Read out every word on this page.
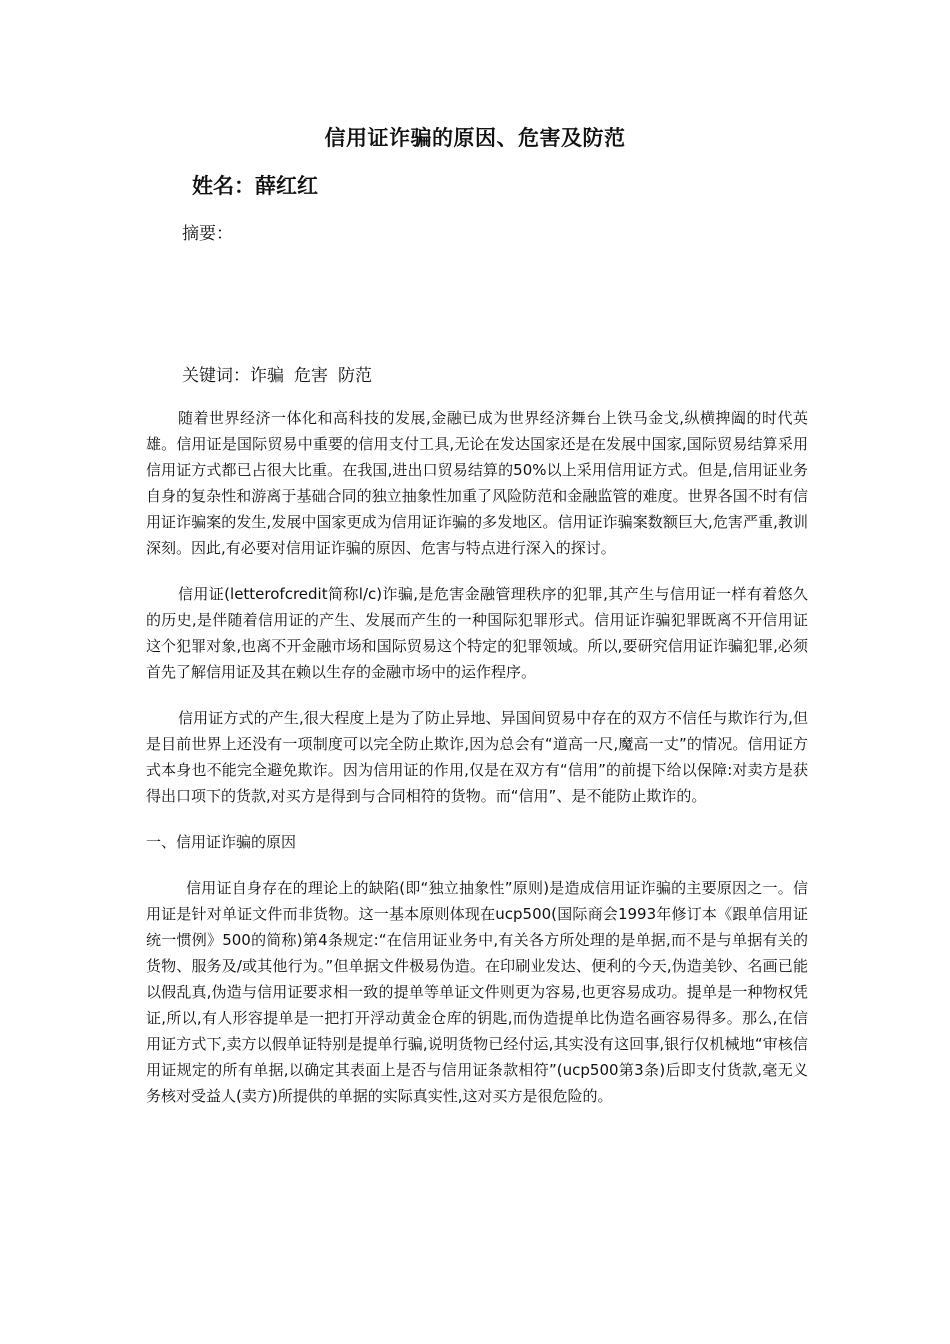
信用证诈骗的原因、危害及防范
姓名：薛红红
摘要：
关键词：诈骗 危害 防范

随着世界经济一体化和高科技的发展,金融已成为世界经济舞台上铁马金戈,纵横捭阖的时代英雄。信用证是国际贸易中重要的信用支付工具,无论在发达国家还是在发展中国家,国际贸易结算采用信用证方式都已占很大比重。在我国,进出口贸易结算的50%以上采用信用证方式。但是,信用证业务自身的复杂性和游离于基础合同的独立抽象性加重了风险防范和金融监管的难度。世界各国不时有信用证诈骗案的发生,发展中国家更成为信用证诈骗的多发地区。信用证诈骗案数额巨大,危害严重,教训深刻。因此,有必要对信用证诈骗的原因、危害与特点进行深入的探讨。

信用证(letterofcredit简称l/c)诈骗,是危害金融管理秩序的犯罪,其产生与信用证一样有着悠久的历史,是伴随着信用证的产生、发展而产生的一种国际犯罪形式。信用证诈骗犯罪既离不开信用证这个犯罪对象,也离不开金融市场和国际贸易这个特定的犯罪领域。所以,要研究信用证诈骗犯罪,必须首先了解信用证及其在赖以生存的金融市场中的运作程序。

信用证方式的产生,很大程度上是为了防止异地、异国间贸易中存在的双方不信任与欺诈行为,但是目前世界上还没有一项制度可以完全防止欺诈,因为总会有“道高一尺,魔高一丈”的情况。信用证方式本身也不能完全避免欺诈。因为信用证的作用,仅是在双方有“信用”的前提下给以保障:对卖方是获得出口项下的货款,对买方是得到与合同相符的货物。而“信用”、是不能防止欺诈的。

一、信用证诈骗的原因

信用证自身存在的理论上的缺陷(即“独立抽象性”原则)是造成信用证诈骗的主要原因之一。信用证是针对单证文件而非货物。这一基本原则体现在ucp500(国际商会1993年修订本《跟单信用证统一惯例》500的简称)第4条规定:“在信用证业务中,有关各方所处理的是单据,而不是与单据有关的货物、服务及/或其他行为。”但单据文件极易伪造。在印刷业发达、便利的今天,伪造美钞、名画已能以假乱真,伪造与信用证要求相一致的提单等单证文件则更为容易,也更容易成功。提单是一种物权凭证,所以,有人形容提单是一把打开浮动黄金仓库的钥匙,而伪造提单比伪造名画容易得多。那么,在信用证方式下,卖方以假单证特别是提单行骗,说明货物已经付运,其实没有这回事,银行仅机械地“审核信用证规定的所有单据,以确定其表面上是否与信用证条款相符”(ucp500第3条)后即支付货款,毫无义务核对受益人(卖方)所提供的单据的实际真实性,这对买方是很危险的。
